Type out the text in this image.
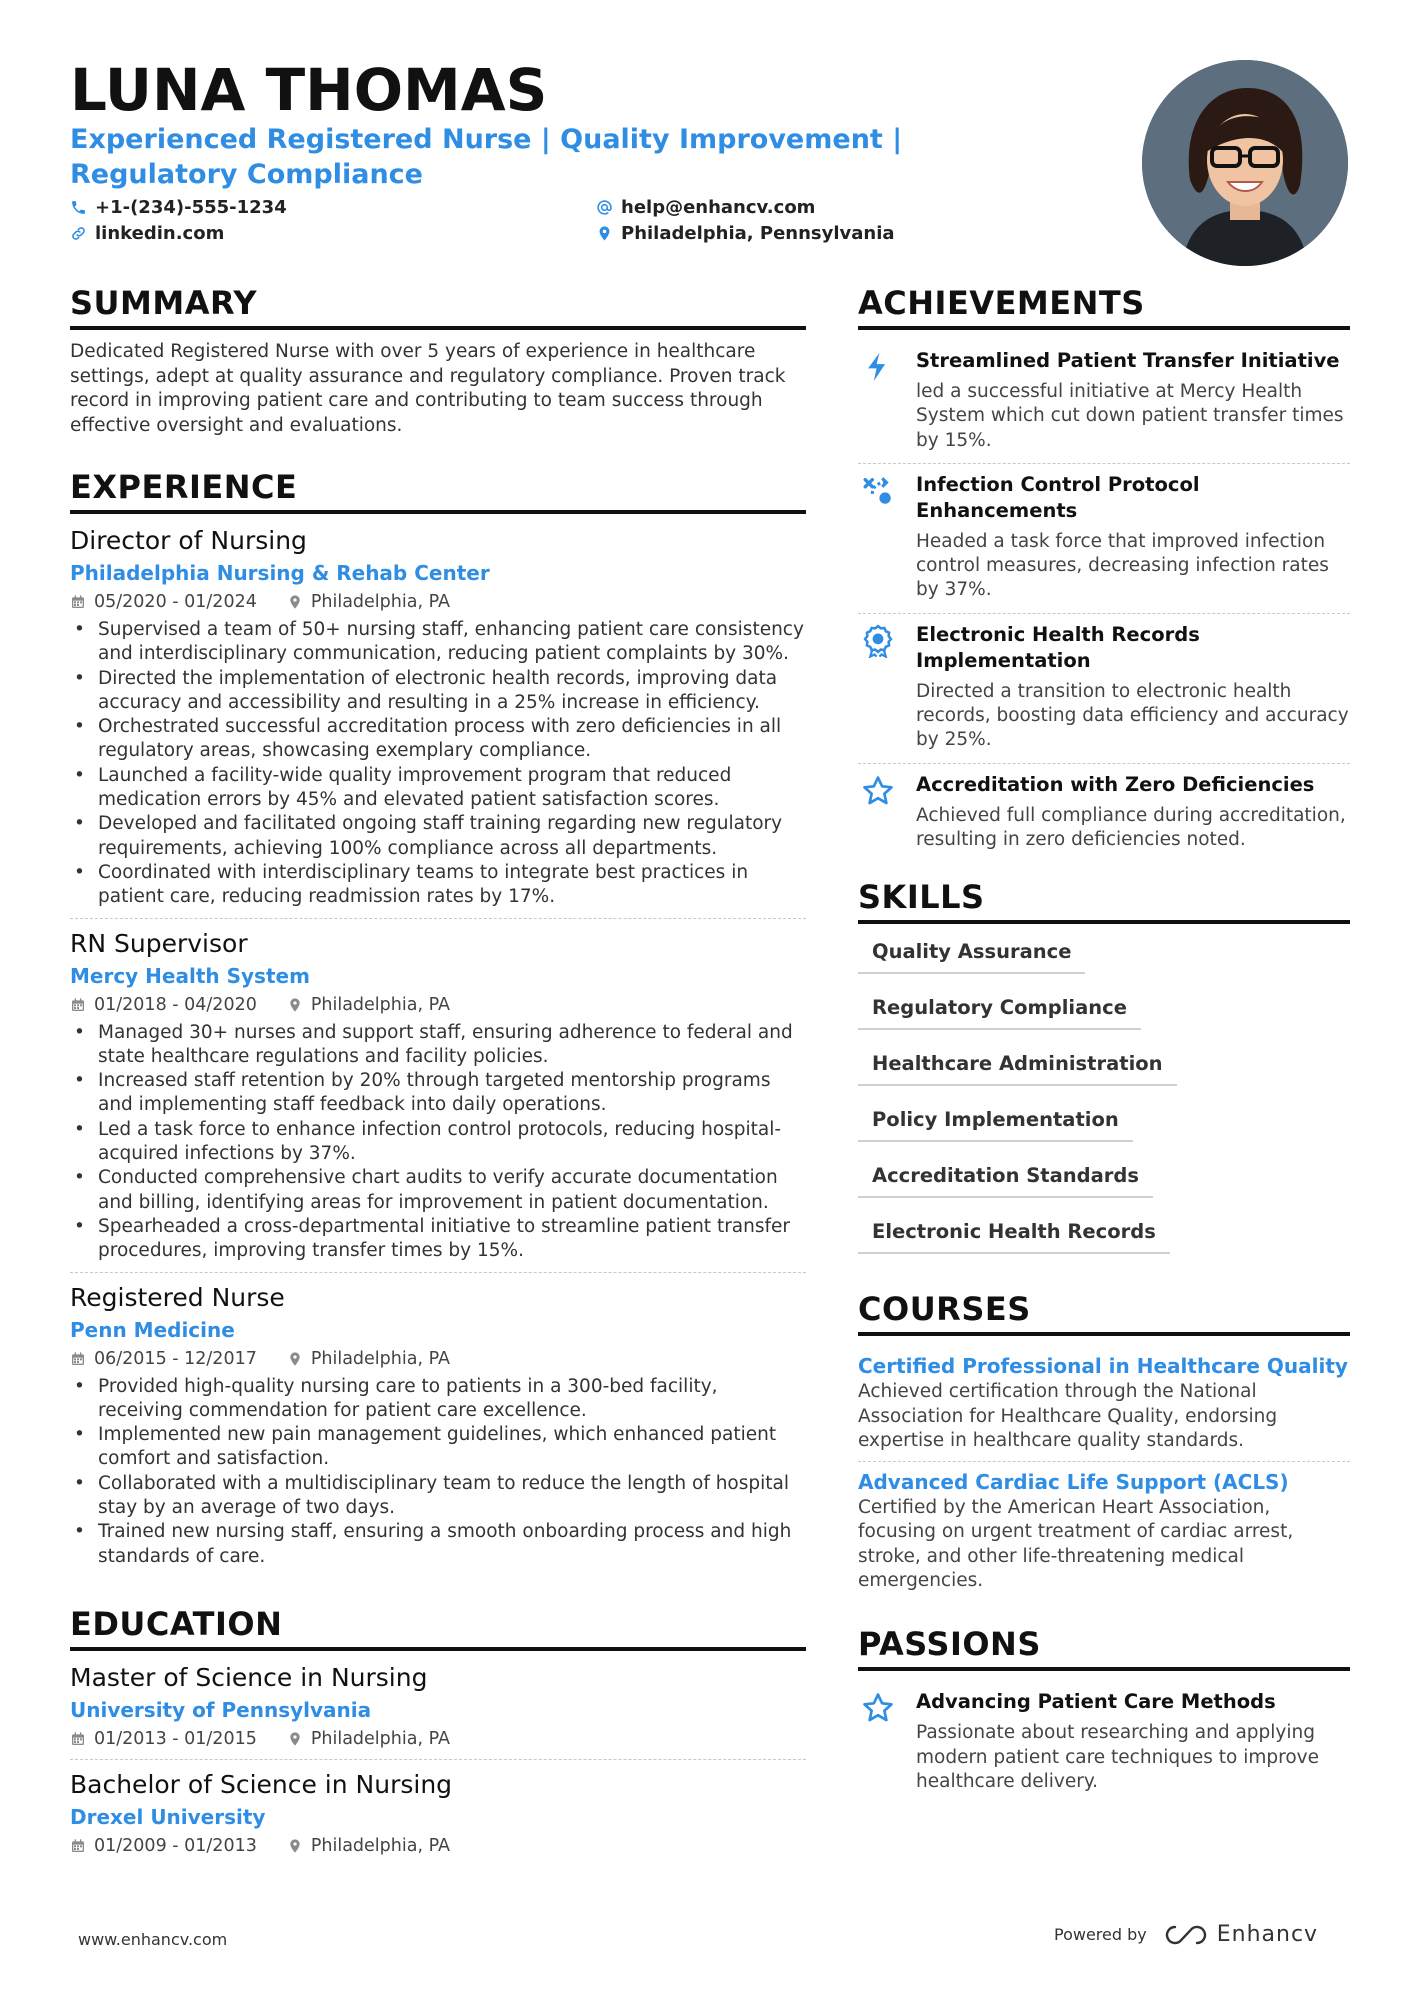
LUNA THOMAS
Experienced Registered Nurse | Quality Improvement | Regulatory Compliance
+1-(234)-555-1234	help@enhancv.com
linkedin.com	Philadelphia, Pennsylvania
SUMMARY
Dedicated Registered Nurse with over 5 years of experience in healthcare settings, adept at quality assurance and regulatory compliance. Proven track record in improving patient care and contributing to team success through effective oversight and evaluations.
EXPERIENCE
Director of Nursing
Philadelphia Nursing & Rehab Center
05/2020 - 01/2024	Philadelphia, PA
• Supervised a team of 50+ nursing staff, enhancing patient care consistency and interdisciplinary communication, reducing patient complaints by 30%.
• Directed the implementation of electronic health records, improving data accuracy and accessibility and resulting in a 25% increase in efficiency.
• Orchestrated successful accreditation process with zero deficiencies in all regulatory areas, showcasing exemplary compliance.
• Launched a facility-wide quality improvement program that reduced medication errors by 45% and elevated patient satisfaction scores.
• Developed and facilitated ongoing staff training regarding new regulatory requirements, achieving 100% compliance across all departments.
• Coordinated with interdisciplinary teams to integrate best practices in patient care, reducing readmission rates by 17%.
RN Supervisor
Mercy Health System
01/2018 - 04/2020	Philadelphia, PA
• Managed 30+ nurses and support staff, ensuring adherence to federal and state healthcare regulations and facility policies.
• Increased staff retention by 20% through targeted mentorship programs and implementing staff feedback into daily operations.
• Led a task force to enhance infection control protocols, reducing hospital-acquired infections by 37%.
• Conducted comprehensive chart audits to verify accurate documentation and billing, identifying areas for improvement in patient documentation.
• Spearheaded a cross-departmental initiative to streamline patient transfer procedures, improving transfer times by 15%.
Registered Nurse
Penn Medicine
06/2015 - 12/2017	Philadelphia, PA
• Provided high-quality nursing care to patients in a 300-bed facility, receiving commendation for patient care excellence.
• Implemented new pain management guidelines, which enhanced patient comfort and satisfaction.
• Collaborated with a multidisciplinary team to reduce the length of hospital stay by an average of two days.
• Trained new nursing staff, ensuring a smooth onboarding process and high standards of care.
EDUCATION
Master of Science in Nursing
University of Pennsylvania
01/2013 - 01/2015	Philadelphia, PA
Bachelor of Science in Nursing
Drexel University
01/2009 - 01/2013	Philadelphia, PA
ACHIEVEMENTS
Streamlined Patient Transfer Initiative
led a successful initiative at Mercy Health System which cut down patient transfer times by 15%.
Infection Control Protocol Enhancements
Headed a task force that improved infection control measures, decreasing infection rates by 37%.
Electronic Health Records Implementation
Directed a transition to electronic health records, boosting data efficiency and accuracy by 25%.
Accreditation with Zero Deficiencies
Achieved full compliance during accreditation, resulting in zero deficiencies noted.
SKILLS
Quality Assurance
Regulatory Compliance
Healthcare Administration
Policy Implementation
Accreditation Standards
Electronic Health Records
COURSES
Certified Professional in Healthcare Quality
Achieved certification through the National Association for Healthcare Quality, endorsing expertise in healthcare quality standards.
Advanced Cardiac Life Support (ACLS)
Certified by the American Heart Association, focusing on urgent treatment of cardiac arrest, stroke, and other life-threatening medical emergencies.
PASSIONS
Advancing Patient Care Methods
Passionate about researching and applying modern patient care techniques to improve healthcare delivery.
www.enhancv.com	Powered by	Enhancv
